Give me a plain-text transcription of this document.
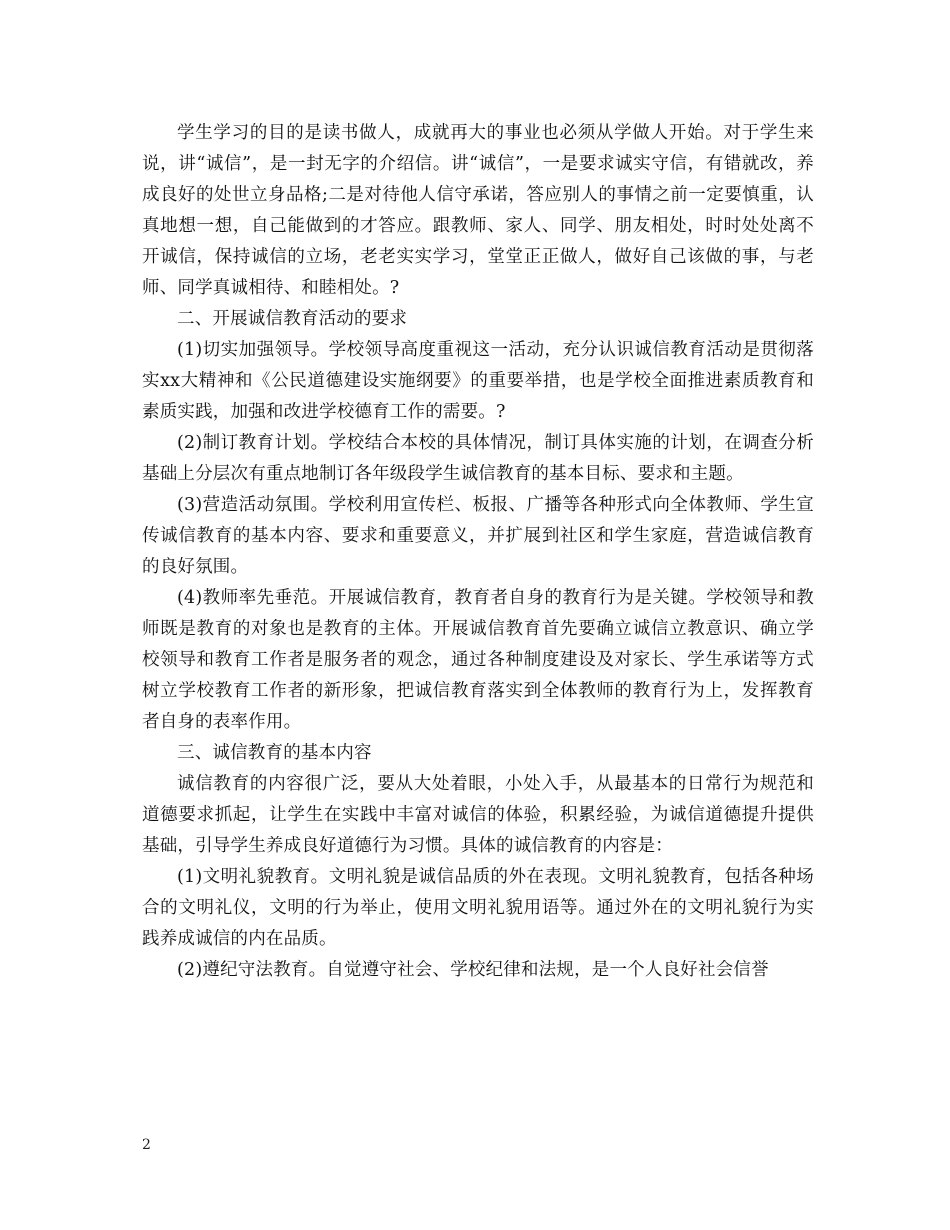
学生学习的目的是读书做人，成就再大的事业也必须从学做人开始。对于学生来说，讲“诚信”，是一封无字的介绍信。讲“诚信”，一是要求诚实守信，有错就改，养成良好的处世立身品格;二是对待他人信守承诺，答应别人的事情之前一定要慎重，认真地想一想，自己能做到的才答应。跟教师、家人、同学、朋友相处，时时处处离不开诚信，保持诚信的立场，老老实实学习，堂堂正正做人，做好自己该做的事，与老师、同学真诚相待、和睦相处。?

二、开展诚信教育活动的要求

(1)切实加强领导。学校领导高度重视这一活动，充分认识诚信教育活动是贯彻落实xx大精神和《公民道德建设实施纲要》的重要举措，也是学校全面推进素质教育和素质实践，加强和改进学校德育工作的需要。?

(2)制订教育计划。学校结合本校的具体情况，制订具体实施的计划，在调查分析基础上分层次有重点地制订各年级段学生诚信教育的基本目标、要求和主题。

(3)营造活动氛围。学校利用宣传栏、板报、广播等各种形式向全体教师、学生宣传诚信教育的基本内容、要求和重要意义，并扩展到社区和学生家庭，营造诚信教育的良好氛围。

(4)教师率先垂范。开展诚信教育，教育者自身的教育行为是关键。学校领导和教师既是教育的对象也是教育的主体。开展诚信教育首先要确立诚信立教意识、确立学校领导和教育工作者是服务者的观念，通过各种制度建设及对家长、学生承诺等方式树立学校教育工作者的新形象，把诚信教育落实到全体教师的教育行为上，发挥教育者自身的表率作用。

三、诚信教育的基本内容

诚信教育的内容很广泛，要从大处着眼，小处入手，从最基本的日常行为规范和道德要求抓起，让学生在实践中丰富对诚信的体验，积累经验，为诚信道德提升提供基础，引导学生养成良好道德行为习惯。具体的诚信教育的内容是：

(1)文明礼貌教育。文明礼貌是诚信品质的外在表现。文明礼貌教育，包括各种场合的文明礼仪，文明的行为举止，使用文明礼貌用语等。通过外在的文明礼貌行为实践养成诚信的内在品质。

(2)遵纪守法教育。自觉遵守社会、学校纪律和法规，是一个人良好社会信誉

2
